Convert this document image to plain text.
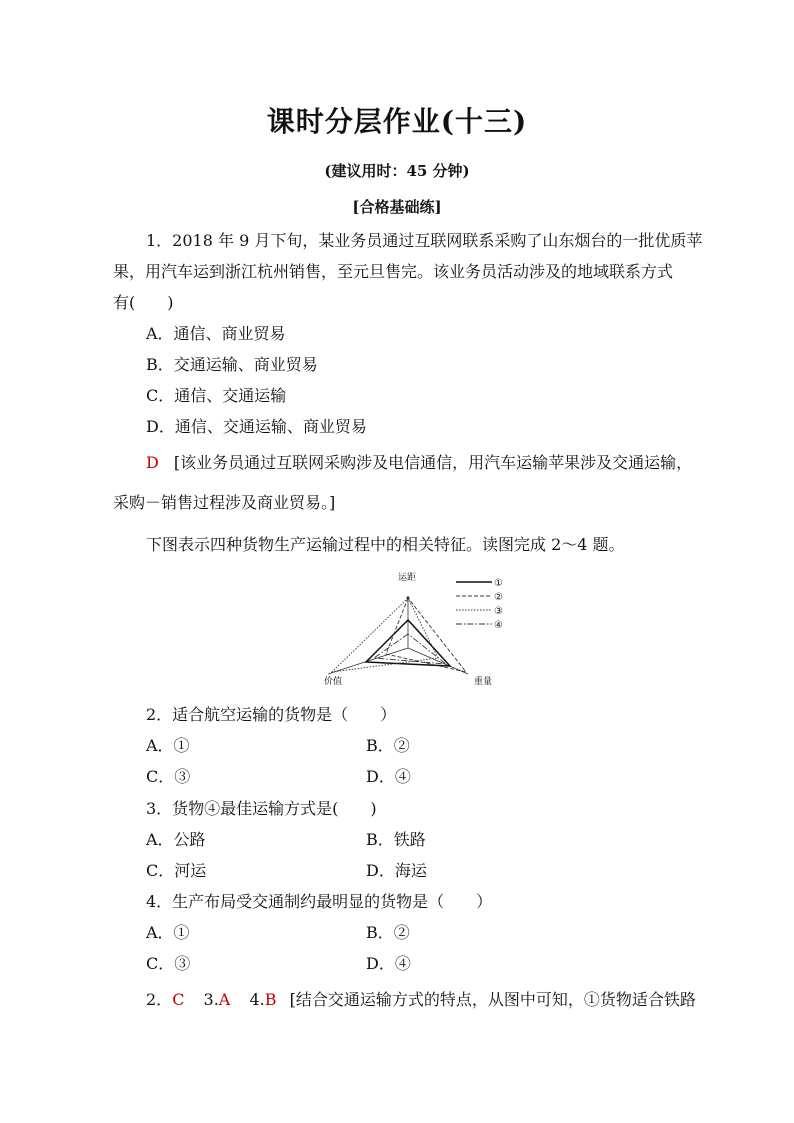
课时分层作业(十三)
(建议用时：45 分钟)
[合格基础练]
1．2018 年 9 月下旬，某业务员通过互联网联系采购了山东烟台的一批优质苹
果，用汽车运到浙江杭州销售，至元旦售完。该业务员活动涉及的地域联系方式
有(　　)
A．通信、商业贸易
B．交通运输、商业贸易
C．通信、交通运输
D．通信、交通运输、商业贸易
D [该业务员通过互联网采购涉及电信通信，用汽车运输苹果涉及交通运输，
采购－销售过程涉及商业贸易。]
下图表示四种货物生产运输过程中的相关特征。读图完成 2～4 题。
运距
价值	重量
①
②
③
④
2．适合航空运输的货物是（　　）
A．①	B．②
C．③	D．④
3．货物④最佳运输方式是(　　)
A．公路	B．铁路
C．河运	D．海运
4．生产布局受交通制约最明显的货物是（　　）
A．①	B．②
C．③	D．④
2．C 3.A 4.B [结合交通运输方式的特点，从图中可知，①货物适合铁路
